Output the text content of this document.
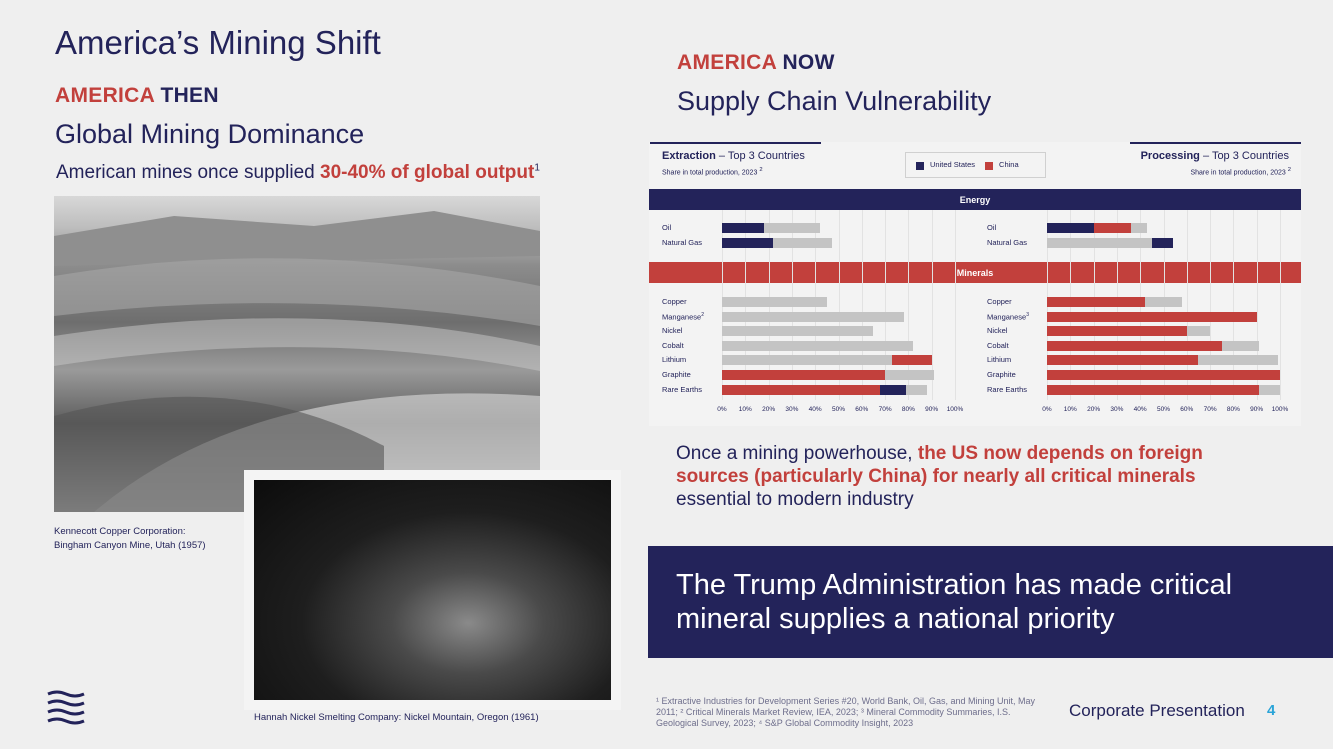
America’s Mining Shift
AMERICA THEN
Global Mining Dominance
American mines once supplied 30-40% of global output$^1$
Kennecott Copper Corporation:
Bingham Canyon Mine, Utah (1957)
Hannah Nickel Smelting Company: Nickel Mountain, Oregon (1961)
AMERICA NOW
Supply Chain Vulnerability
Extraction – Top 3 Countries
Share in total production, 2023 $^2$
Processing – Top 3 Countries
Share in total production, 2023 $^2$
United States	China
Energy
Minerals
0% 10% 20% 30% 40% 50% 60% 70% 80% 90% 100%
Oil
Natural Gas
Copper
Manganese$^2$
Nickel
Cobalt
Lithium
Graphite
Rare Earths
0% 10% 20% 30% 40% 50% 60% 70% 80% 90% 100%
Oil
Natural Gas
Copper
Manganese$^3$
Nickel
Cobalt
Lithium
Graphite
Rare Earths
Once a mining powerhouse, the US now depends on foreign sources (particularly China) for nearly all critical minerals essential to modern industry
The Trump Administration has made critical mineral supplies a national priority
¹ Extractive Industries for Development Series #20, World Bank, Oil, Gas, and Mining Unit, May 2011; ² Critical Minerals Market Review, IEA, 2023; ³ Mineral Commodity Summaries, I.S. Geological Survey, 2023; ⁴ S&P Global Commodity Insight, 2023
Corporate Presentation 4
